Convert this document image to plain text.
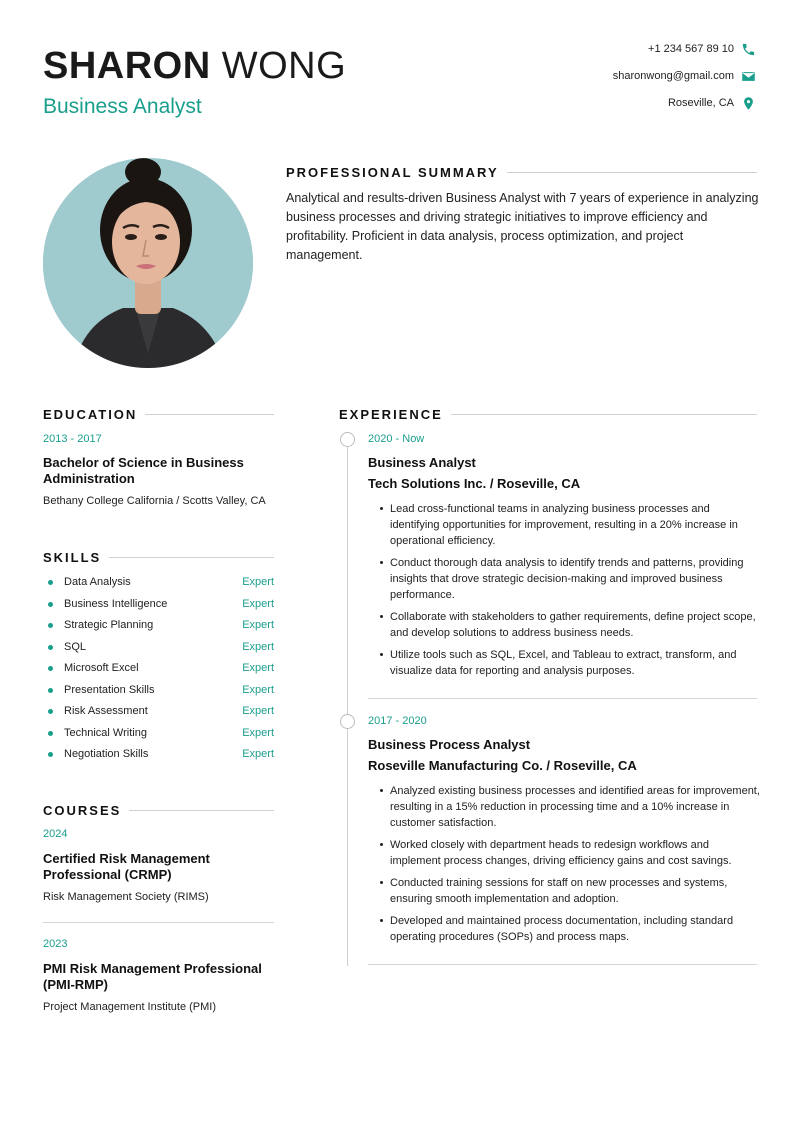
SHARON WONG
Business Analyst
+1 234 567 89 10
sharonwong@gmail.com
Roseville, CA
PROFESSIONAL SUMMARY
Analytical and results-driven Business Analyst with 7 years of experience in analyzing business processes and driving strategic initiatives to improve efficiency and profitability. Proficient in data analysis, process optimization, and project management.
EDUCATION
2013 - 2017
Bachelor of Science in Business Administration
Bethany College California / Scotts Valley, CA
SKILLS
Data Analysis	Expert
Business Intelligence	Expert
Strategic Planning	Expert
SQL	Expert
Microsoft Excel	Expert
Presentation Skills	Expert
Risk Assessment	Expert
Technical Writing	Expert
Negotiation Skills	Expert
COURSES
2024
Certified Risk Management Professional (CRMP)
Risk Management Society (RIMS)
2023
PMI Risk Management Professional (PMI-RMP)
Project Management Institute (PMI)
EXPERIENCE
2020 - Now
Business Analyst
Tech Solutions Inc. / Roseville, CA
Lead cross-functional teams in analyzing business processes and identifying opportunities for improvement, resulting in a 20% increase in operational efficiency.
Conduct thorough data analysis to identify trends and patterns, providing insights that drove strategic decision-making and improved business performance.
Collaborate with stakeholders to gather requirements, define project scope, and develop solutions to address business needs.
Utilize tools such as SQL, Excel, and Tableau to extract, transform, and visualize data for reporting and analysis purposes.
2017 - 2020
Business Process Analyst
Roseville Manufacturing Co. / Roseville, CA
Analyzed existing business processes and identified areas for improvement, resulting in a 15% reduction in processing time and a 10% increase in customer satisfaction.
Worked closely with department heads to redesign workflows and implement process changes, driving efficiency gains and cost savings.
Conducted training sessions for staff on new processes and systems, ensuring smooth implementation and adoption.
Developed and maintained process documentation, including standard operating procedures (SOPs) and process maps.
